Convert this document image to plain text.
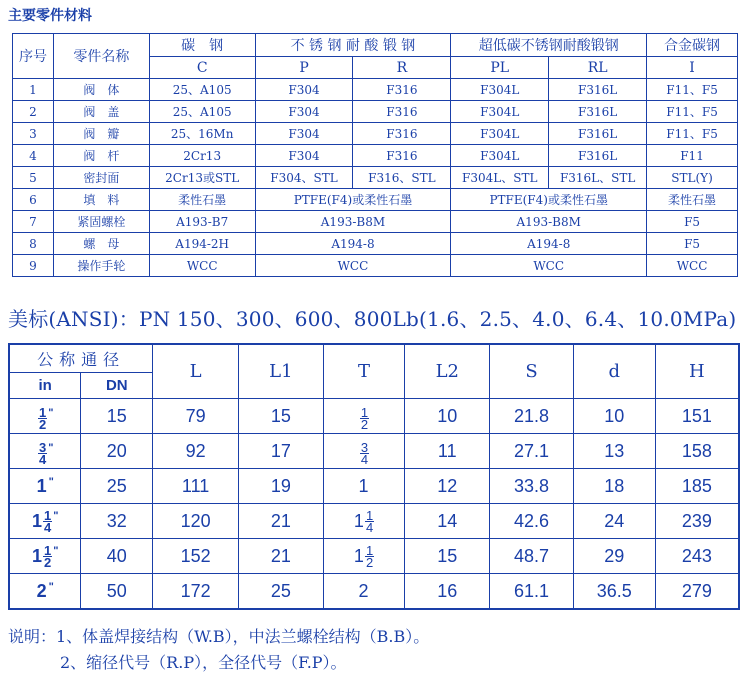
主要零件材料
序号	零件名称	碳　钢	不 锈 钢 耐 酸 锻 钢		超低碳不锈钢耐酸锻钢		合金碳钢
		C	P	R	PL	RL	I
1	阀　体	25、A105	F304	F316	F304L	F316L	F11、F5
2	阀　盖	25、A105	F304	F316	F304L	F316L	F11、F5
3	阀　瓣	25、16Mn	F304	F316	F304L	F316L	F11、F5
4	阀　杆	2Cr13	F304	F316	F304L	F316L	F11
5	密封面	2Cr13或STL	F304、STL	F316、STL	F304L、STL	F316L、STL	STL(Y)
6	填　料	柔性石墨	PTFE(F4)或柔性石墨		PTFE(F4)或柔性石墨		柔性石墨
7	紧固螺栓	A193-B7	A193-B8M		A193-B8M		F5
8	螺　母	A194-2H	A194-8		A194-8		F5
9	操作手轮	WCC	WCC		WCC		WCC
美标(ANSI)：PN 150、300、600、800Lb(1.6、2.5、4.0、6.4、10.0MPa)
公称通径		L	L1	T	L2	S	d	H
in	DN							

$\frac{1}{2}$ "	15	79	15	$\frac{1}{2}$	10	21.8	10	151

$\frac{3}{4}$ "	20	92	17	$\frac{3}{4}$	11	27.1	13	158

1 "	25	111	19	1	12	33.8	18	185

$1 \frac{1}{4}$ "	32	120	21	$1 \frac{1}{4}$	14	42.6	24	239

$1 \frac{1}{2}$ "	40	152	21	$1 \frac{1}{2}$	15	48.7	29	243

2 "	50	172	25	2	16	61.1	36.5	279
说明：1、体盖焊接结构（W.B），中法兰螺栓结构（B.B）。
2、缩径代号（R.P），全径代号（F.P）。
